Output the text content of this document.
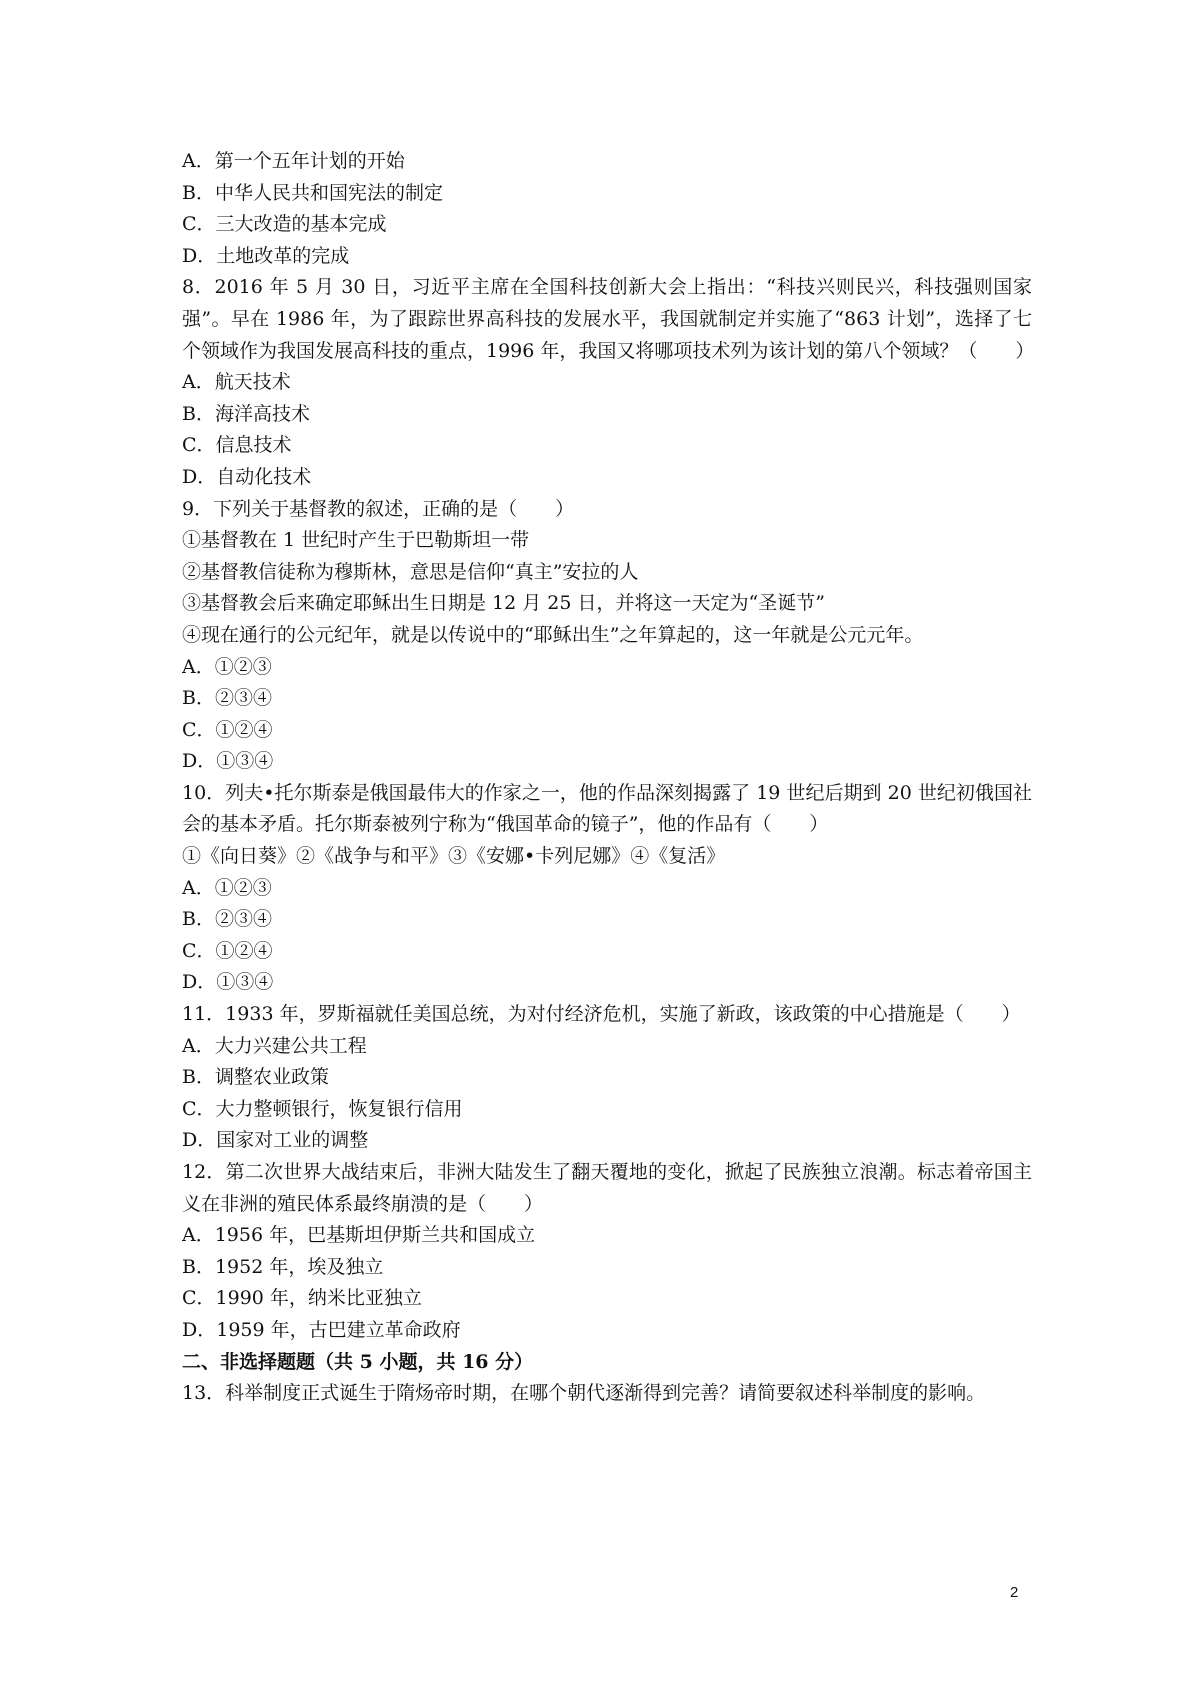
A．第一个五年计划的开始
B．中华人民共和国宪法的制定
C．三大改造的基本完成
D．土地改革的完成

8．2016 年 5 月 30 日，习近平主席在全国科技创新大会上指出：“科技兴则民兴，科技强则国家强”。早在 1986 年，为了跟踪世界高科技的发展水平，我国就制定并实施了“863 计划”，选择了七个领域作为我国发展高科技的重点，1996 年，我国又将哪项技术列为该计划的第八个领域？（　　）

A．航天技术
B．海洋高技术
C．信息技术
D．自动化技术
9．下列关于基督教的叙述，正确的是（　　）
①基督教在 1 世纪时产生于巴勒斯坦一带
②基督教信徒称为穆斯林，意思是信仰“真主”安拉的人
③基督教会后来确定耶稣出生日期是 12 月 25 日，并将这一天定为“圣诞节”
④现在通行的公元纪年，就是以传说中的“耶稣出生”之年算起的，这一年就是公元元年。
A．①②③
B．②③④
C．①②④
D．①③④

10．列夫•托尔斯泰是俄国最伟大的作家之一，他的作品深刻揭露了 19 世纪后期到 20 世纪初俄国社会的基本矛盾。托尔斯泰被列宁称为“俄国革命的镜子”，他的作品有（　　）

①《向日葵》②《战争与和平》③《安娜•卡列尼娜》④《复活》
A．①②③
B．②③④
C．①②④
D．①③④

11．1933 年，罗斯福就任美国总统，为对付经济危机，实施了新政，该政策的中心措施是（　　）

A．大力兴建公共工程
B．调整农业政策
C．大力整顿银行，恢复银行信用
D．国家对工业的调整

12．第二次世界大战结束后，非洲大陆发生了翻天覆地的变化，掀起了民族独立浪潮。标志着帝国主义在非洲的殖民体系最终崩溃的是（　　）

A．1956 年，巴基斯坦伊斯兰共和国成立
B．1952 年，埃及独立
C．1990 年，纳米比亚独立
D．1959 年，古巴建立革命政府
二、非选择题题（共 5 小题，共 16 分）

13．科举制度正式诞生于隋炀帝时期，在哪个朝代逐渐得到完善？请简要叙述科举制度的影响。

2
